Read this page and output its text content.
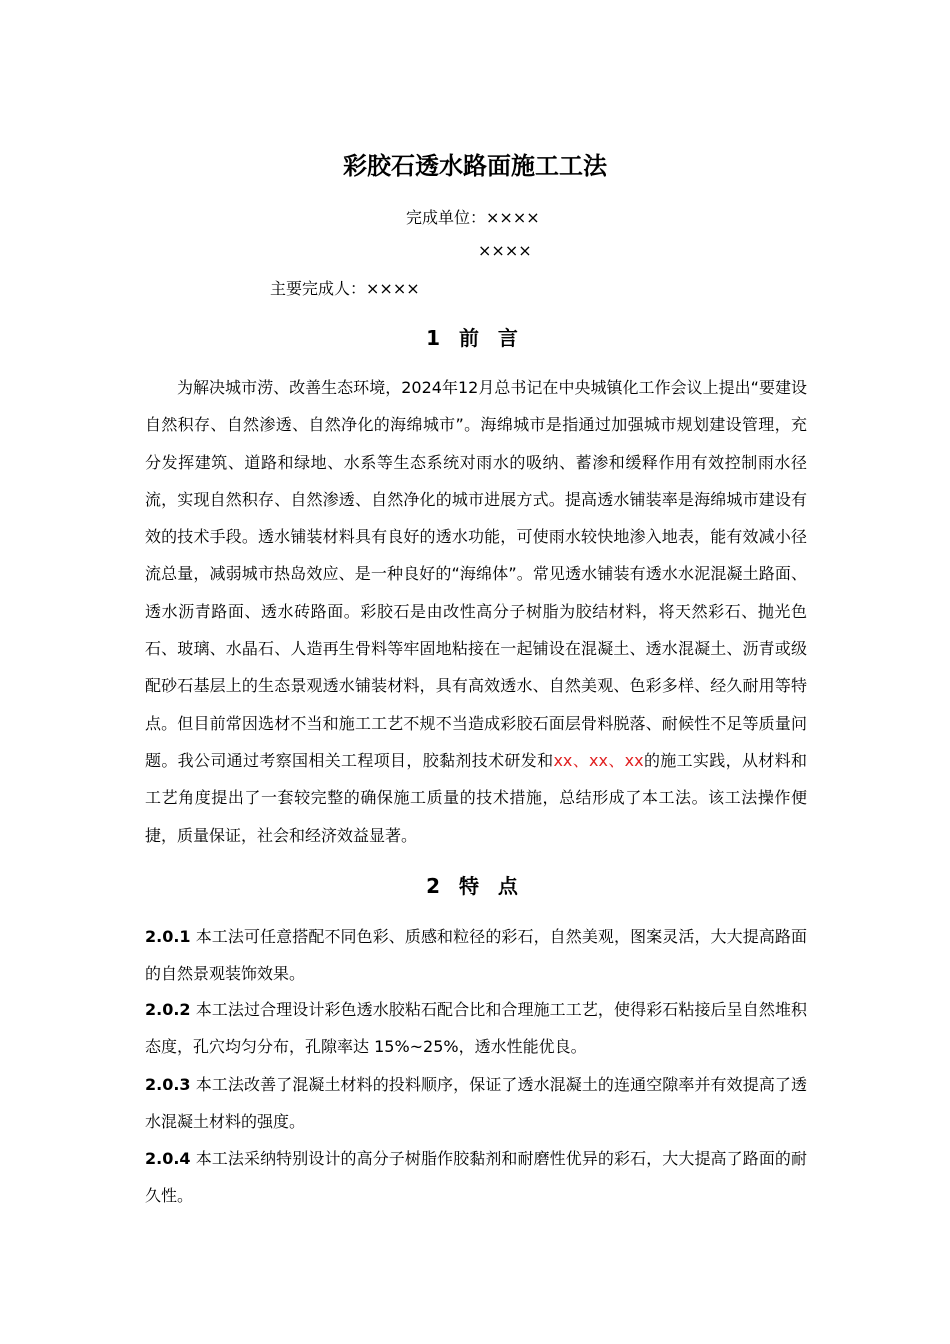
彩胶石透水路面施工工法
完成单位：××××
××××
主要完成人：××××
1 前 言
为解决城市涝、改善生态环境，2024年12月总书记在中央城镇化工作会议上提出“要建设自然积存、自然渗透、自然净化的海绵城市”。海绵城市是指通过加强城市规划建设管理，充分发挥建筑、道路和绿地、水系等生态系统对雨水的吸纳、蓄渗和缓释作用有效控制雨水径流，实现自然积存、自然渗透、自然净化的城市进展方式。提高透水铺装率是海绵城市建设有效的技术手段。透水铺装材料具有良好的透水功能，可使雨水较快地渗入地表，能有效减小径流总量，减弱城市热岛效应、是一种良好的“海绵体”。常见透水铺装有透水水泥混凝土路面、透水沥青路面、透水砖路面。彩胶石是由改性高分子树脂为胶结材料，将天然彩石、抛光色石、玻璃、水晶石、人造再生骨料等牢固地粘接在一起铺设在混凝土、透水混凝土、沥青或级配砂石基层上的生态景观透水铺装材料，具有高效透水、自然美观、色彩多样、经久耐用等特点。但目前常因选材不当和施工工艺不规不当造成彩胶石面层骨料脱落、耐候性不足等质量问题。我公司通过考察国相关工程项目，胶黏剂技术研发和xx、xx、xx的施工实践，从材料和工艺角度提出了一套较完整的确保施工质量的技术措施，总结形成了本工法。该工法操作便捷，质量保证，社会和经济效益显著。
2 特 点
2.0.1 本工法可任意搭配不同色彩、质感和粒径的彩石，自然美观，图案灵活，大大提高路面的自然景观装饰效果。
2.0.2 本工法过合理设计彩色透水胶粘石配合比和合理施工工艺，使得彩石粘接后呈自然堆积态度，孔穴均匀分布，孔隙率达 15%~25%，透水性能优良。
2.0.3 本工法改善了混凝土材料的投料顺序，保证了透水混凝土的连通空隙率并有效提高了透水混凝土材料的强度。
2.0.4 本工法采纳特别设计的高分子树脂作胶黏剂和耐磨性优异的彩石，大大提高了路面的耐久性。
